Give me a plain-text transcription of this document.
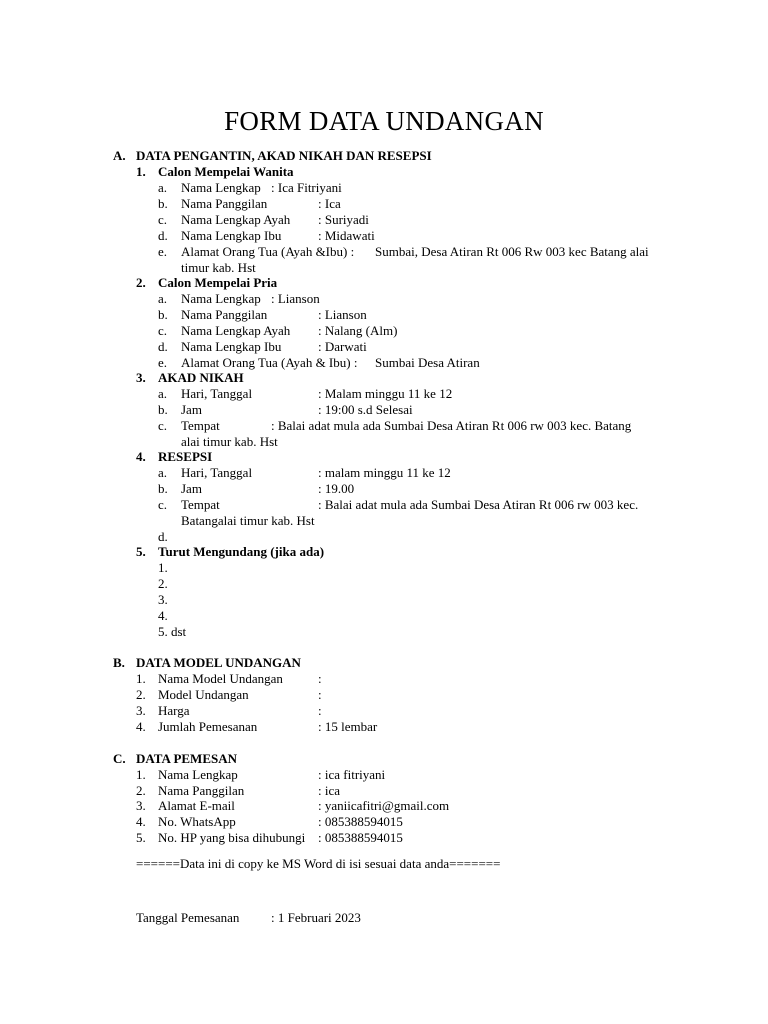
FORM DATA UNDANGAN
A. DATA PENGANTIN, AKAD NIKAH DAN RESEPSI
1. Calon Mempelai Wanita
a. Nama Lengkap : Ica Fitriyani
b. Nama Panggilan	: Ica
c. Nama Lengkap Ayah : Suriyadi
d. Nama Lengkap Ibu	: Midawati
e. Alamat Orang Tua (Ayah &Ibu) : Sumbai, Desa Atiran Rt 006 Rw 003 kec Batang alai
timur kab. Hst
2. Calon Mempelai Pria
a. Nama Lengkap : Lianson
b. Nama Panggilan	: Lianson
c. Nama Lengkap Ayah : Nalang (Alm)
d. Nama Lengkap Ibu	: Darwati
e. Alamat Orang Tua (Ayah & Ibu) : Sumbai Desa Atiran
3. AKAD NIKAH
a. Hari, Tanggal	: Malam minggu 11 ke 12
b. Jam	: 19:00 s.d Selesai
c. Tempat	: Balai adat mula ada Sumbai Desa Atiran Rt 006 rw 003 kec. Batang
alai timur kab. Hst
4. RESEPSI
a. Hari, Tanggal	: malam minggu 11 ke 12
b. Jam	: 19.00
c. Tempat	: Balai adat mula ada Sumbai Desa Atiran Rt 006 rw 003 kec.
Batangalai timur kab. Hst
d.
5. Turut Mengundang (jika ada)
1.
2.
3.
4.
5. dst
B. DATA MODEL UNDANGAN
1. Nama Model Undangan	:
2. Model Undangan	:
3. Harga	:
4. Jumlah Pemesanan	: 15 lembar
C. DATA PEMESAN
1. Nama Lengkap	: ica fitriyani
2. Nama Panggilan	: ica
3. Alamat E-mail	: yaniicafitri@gmail.com
4. No. WhatsApp	: 085388594015
5. No. HP yang bisa dihubungi : 085388594015
======Data ini di copy ke MS Word di isi sesuai data anda=======
Tanggal Pemesanan : 1 Februari 2023
